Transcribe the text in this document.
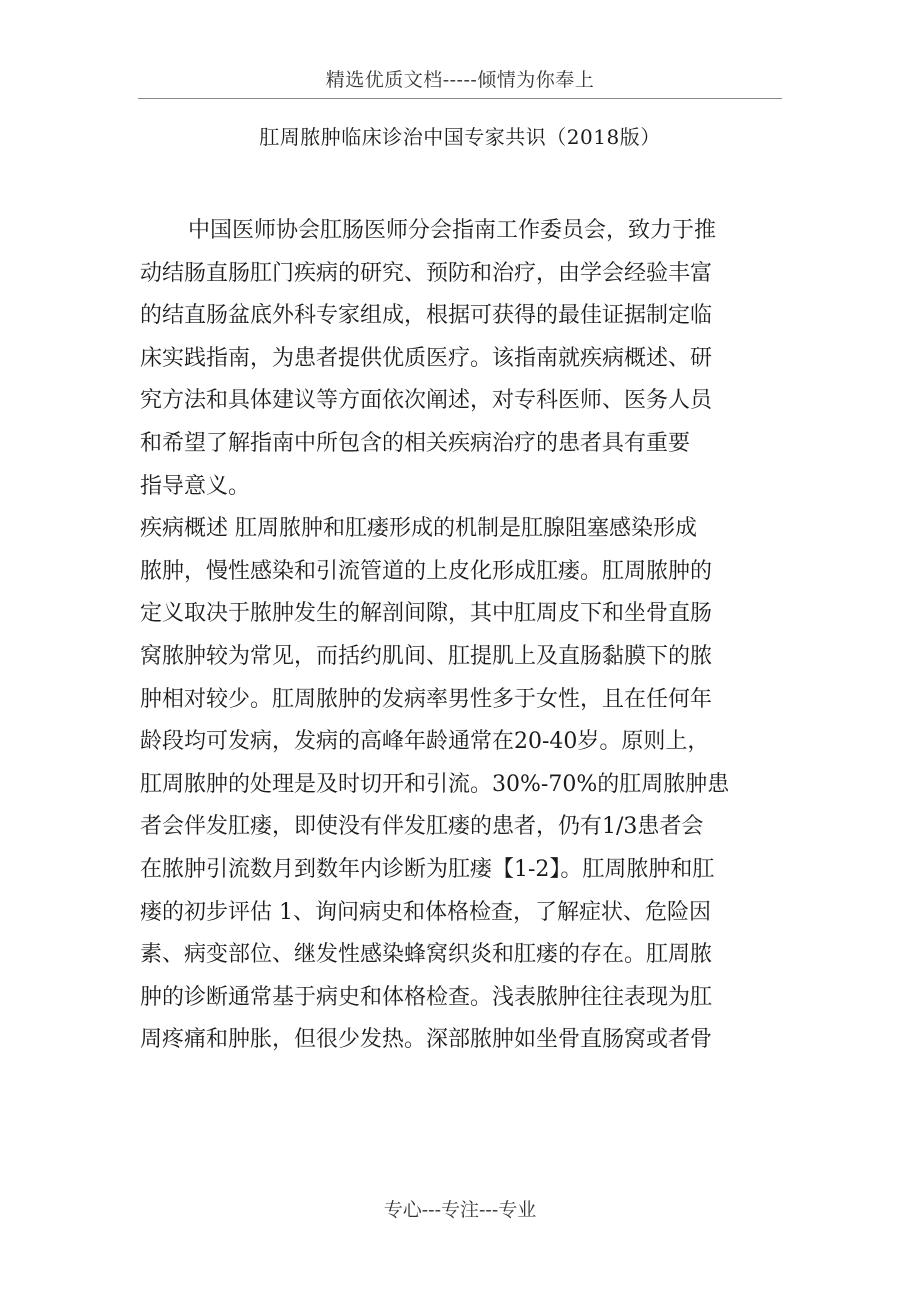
精选优质文档-----倾情为你奉上
肛周脓肿临床诊治中国专家共识（2018版）
中国医师协会肛肠医师分会指南工作委员会，致力于推
动结肠直肠肛门疾病的研究、预防和治疗，由学会经验丰富
的结直肠盆底外科专家组成，根据可获得的最佳证据制定临
床实践指南，为患者提供优质医疗。该指南就疾病概述、研
究方法和具体建议等方面依次阐述，对专科医师、医务人员
和希望了解指南中所包含的相关疾病治疗的患者具有重要
指导意义。
疾病概述 肛周脓肿和肛瘘形成的机制是肛腺阻塞感染形成
脓肿，慢性感染和引流管道的上皮化形成肛瘘。肛周脓肿的
定义取决于脓肿发生的解剖间隙，其中肛周皮下和坐骨直肠
窝脓肿较为常见，而括约肌间、肛提肌上及直肠黏膜下的脓
肿相对较少。肛周脓肿的发病率男性多于女性，且在任何年
龄段均可发病，发病的高峰年龄通常在20-40岁。原则上，
肛周脓肿的处理是及时切开和引流。30%-70%的肛周脓肿患
者会伴发肛瘘，即使没有伴发肛瘘的患者，仍有1/3患者会
在脓肿引流数月到数年内诊断为肛瘘【1-2】。肛周脓肿和肛
瘘的初步评估 1、询问病史和体格检查，了解症状、危险因
素、病变部位、继发性感染蜂窝织炎和肛瘘的存在。肛周脓
肿的诊断通常基于病史和体格检查。浅表脓肿往往表现为肛
周疼痛和肿胀，但很少发热。深部脓肿如坐骨直肠窝或者骨
专心---专注---专业
